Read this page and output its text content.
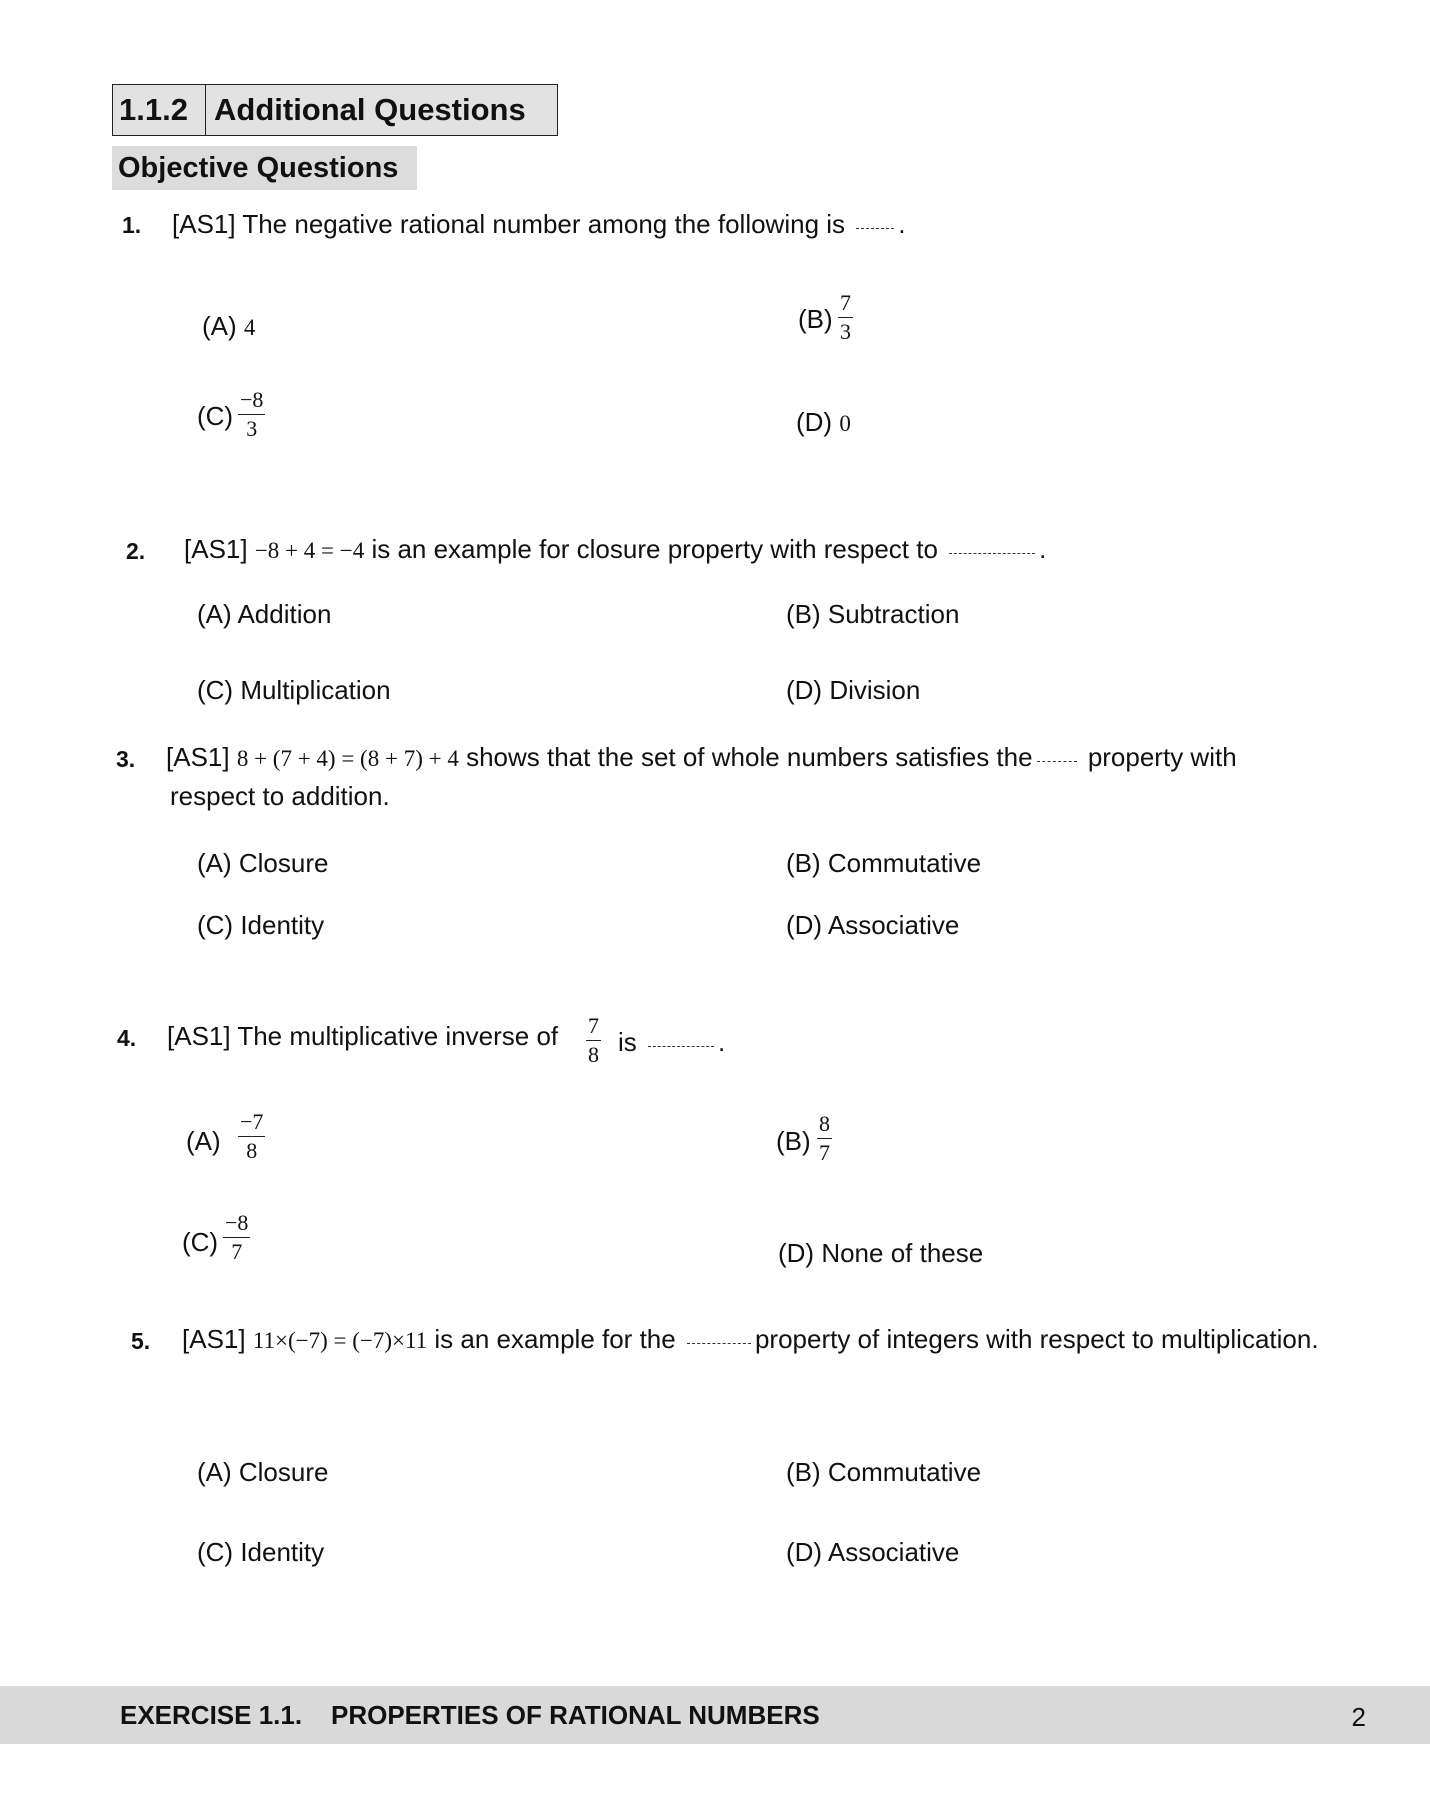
1.1.2 Additional Questions
Objective Questions
1. [AS1] The negative rational number among the following is .
(A) 4	$(B) \frac{7}{3}$
$(C) \frac{-8}{3}$	(D) 0
2. [AS1] −8 + 4 = −4 is an example for closure property with respect to	.
(A) Addition	(B) Subtraction
(C) Multiplication	(D) Division
3. [AS1] 8 + (7 + 4) = (8 + 7) + 4 shows that the set of whole numbers satisfies the property with
respect to addition.
(A) Closure	(B) Commutative
(C) Identity	(D) Associative
4. [AS1] The multiplicative inverse of $\frac{7}{8}$ is	.
$(A) \frac{-7}{8}$	$(B) \frac{8}{7}$
$(C) \frac{-8}{7}$	(D) None of these
5. [AS1] 11×(−7) = (−7)×11 is an example for the	property of integers with respect to multiplication.
(A) Closure	(B) Commutative
(C) Identity	(D) Associative
EXERCISE 1.1.    PROPERTIES OF RATIONAL NUMBERS	2
